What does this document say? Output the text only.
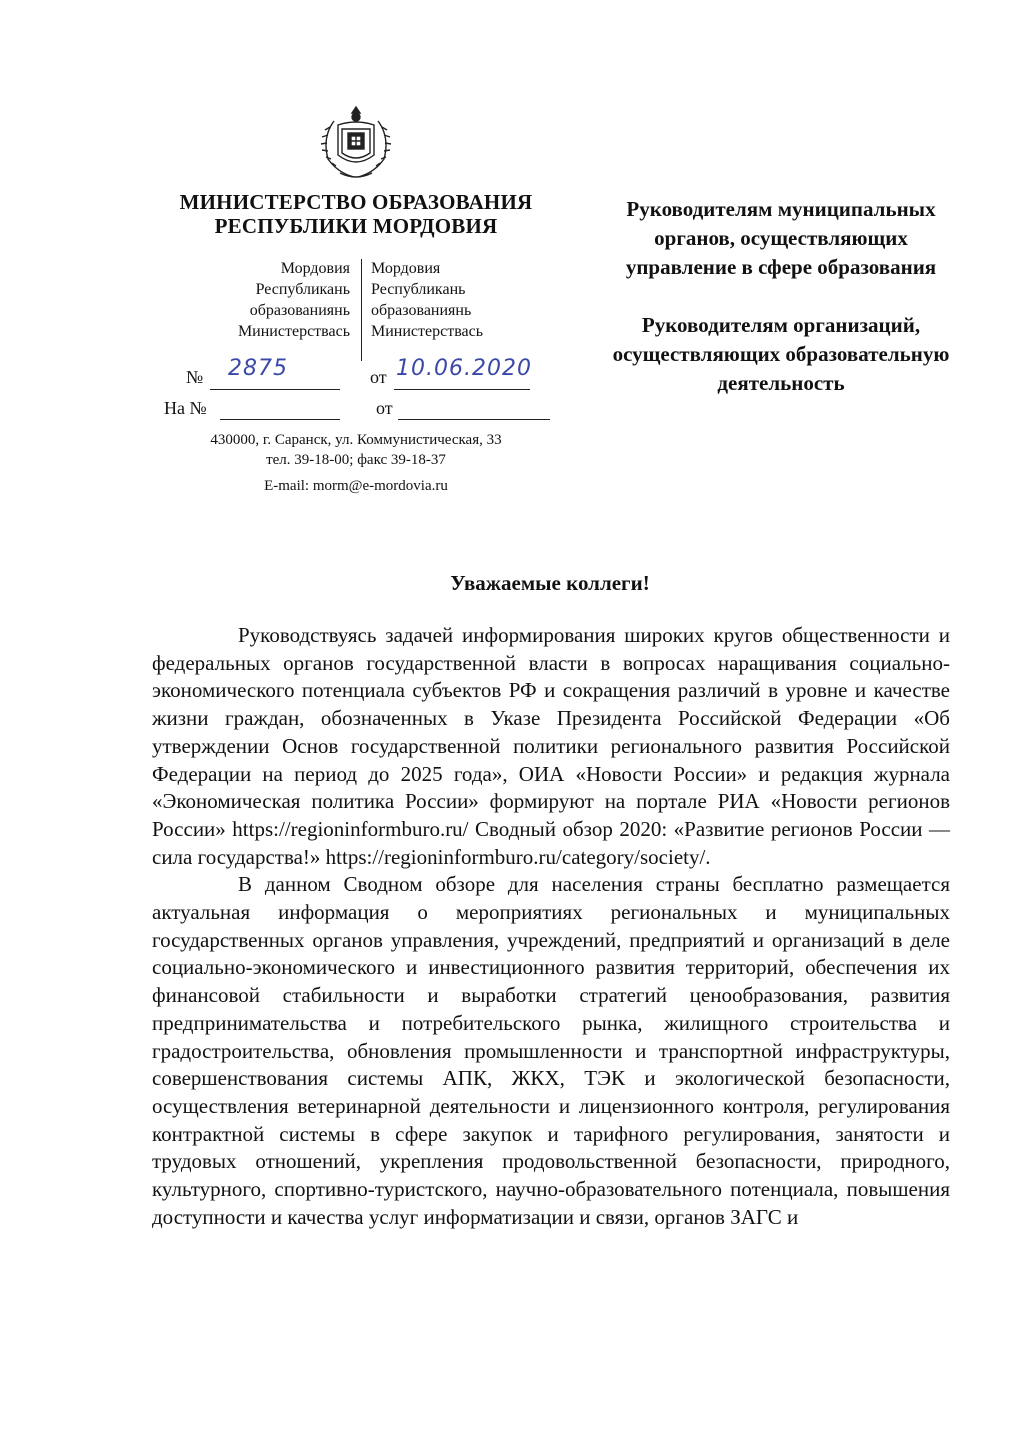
МИНИСТЕРСТВО ОБРАЗОВАНИЯ
РЕСПУБЛИКИ МОРДОВИЯ
Мордовия
Республикань
образованиянь
Министерствась
Мордовия
Республикань
образованиянь
Министерствась
№ 2875	от 10.06.2020
На №	от
430000, г. Саранск, ул. Коммунистическая, 33
тел. 39-18-00; факс 39-18-37
E-mail: morm@e-mordovia.ru

Руководителям муниципальных

органов, осуществляющих

управление в сфере образования

Руководителям организаций,

осуществляющих образовательную

деятельность

Уважаемые коллеги!

Руководствуясь задачей информирования широких кругов общественности и федеральных органов государственной власти в вопросах наращивания социально-экономического потенциала субъектов РФ и сокращения различий в уровне и качестве жизни граждан, обозначенных в Указе Президента Российской Федерации «Об утверждении Основ государственной политики регионального развития Российской Федерации на период до 2025 года», ОИА «Новости России» и редакция журнала «Экономическая политика России» формируют на портале РИА «Новости регионов России» https://regioninformburo.ru/ Сводный обзор 2020: «Развитие регионов России — сила государства!» https://regioninformburo.ru/category/society/.

В данном Сводном обзоре для населения страны бесплатно размещается актуальная информация о мероприятиях региональных и муниципальных государственных органов управления, учреждений, предприятий и организаций в деле социально-экономического и инвестиционного развития территорий, обеспечения их финансовой стабильности и выработки стратегий ценообразования, развития предпринимательства и потребительского рынка, жилищного строительства и градостроительства, обновления промышленности и транспортной инфраструктуры, совершенствования системы АПК, ЖКХ, ТЭК и экологической безопасности, осуществления ветеринарной деятельности и лицензионного контроля, регулирования контрактной системы в сфере закупок и тарифного регулирования, занятости и трудовых отношений, укрепления продовольственной безопасности, природного, культурного, спортивно-туристского, научно-образовательного потенциала, повышения доступности и качества услуг информатизации и связи, органов ЗАГС и
